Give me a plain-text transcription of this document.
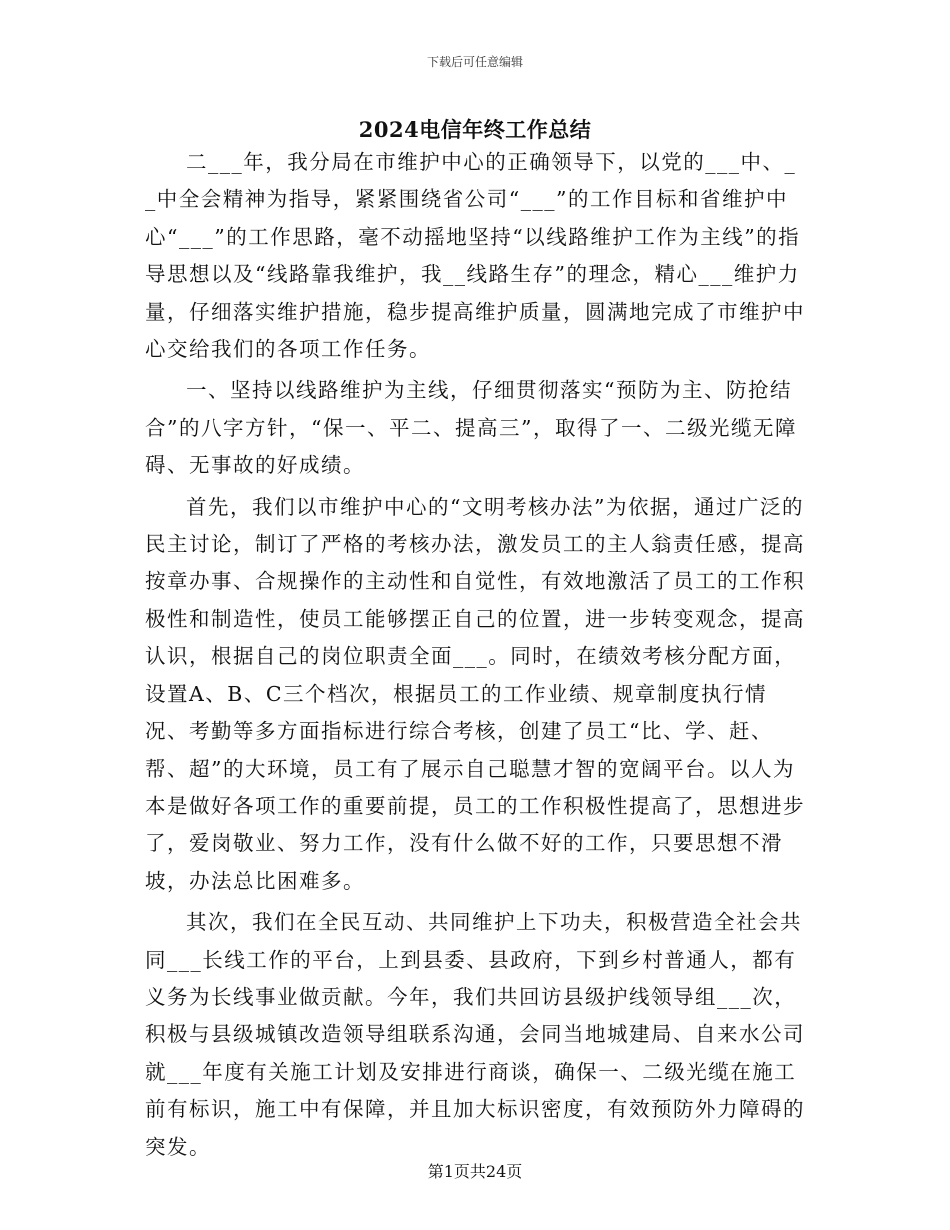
下载后可任意编辑
2024电信年终工作总结

二___年，我分局在市维护中心的正确领导下，以党的___中、__中全会精神为指导，紧紧围绕省公司“___”的工作目标和省维护中心“___”的工作思路，毫不动摇地坚持“以线路维护工作为主线”的指导思想以及“线路靠我维护，我__线路生存”的理念，精心___维护力量，仔细落实维护措施，稳步提高维护质量，圆满地完成了市维护中心交给我们的各项工作任务。

一、坚持以线路维护为主线，仔细贯彻落实“预防为主、防抢结合”的八字方针，“保一、平二、提高三”，取得了一、二级光缆无障碍、无事故的好成绩。

首先，我们以市维护中心的“文明考核办法”为依据，通过广泛的民主讨论，制订了严格的考核办法，激发员工的主人翁责任感，提高按章办事、合规操作的主动性和自觉性，有效地激活了员工的工作积极性和制造性，使员工能够摆正自己的位置，进一步转变观念，提高认识，根据自己的岗位职责全面___。同时，在绩效考核分配方面，设置A、B、C三个档次，根据员工的工作业绩、规章制度执行情况、考勤等多方面指标进行综合考核，创建了员工“比、学、赶、帮、超”的大环境，员工有了展示自己聪慧才智的宽阔平台。以人为本是做好各项工作的重要前提，员工的工作积极性提高了，思想进步了，爱岗敬业、努力工作，没有什么做不好的工作，只要思想不滑坡，办法总比困难多。

其次，我们在全民互动、共同维护上下功夫，积极营造全社会共同___长线工作的平台，上到县委、县政府，下到乡村普通人，都有义务为长线事业做贡献。今年，我们共回访县级护线领导组___次，积极与县级城镇改造领导组联系沟通，会同当地城建局、自来水公司就___年度有关施工计划及安排进行商谈，确保一、二级光缆在施工前有标识，施工中有保障，并且加大标识密度，有效预防外力障碍的突发。

第1页共24页
